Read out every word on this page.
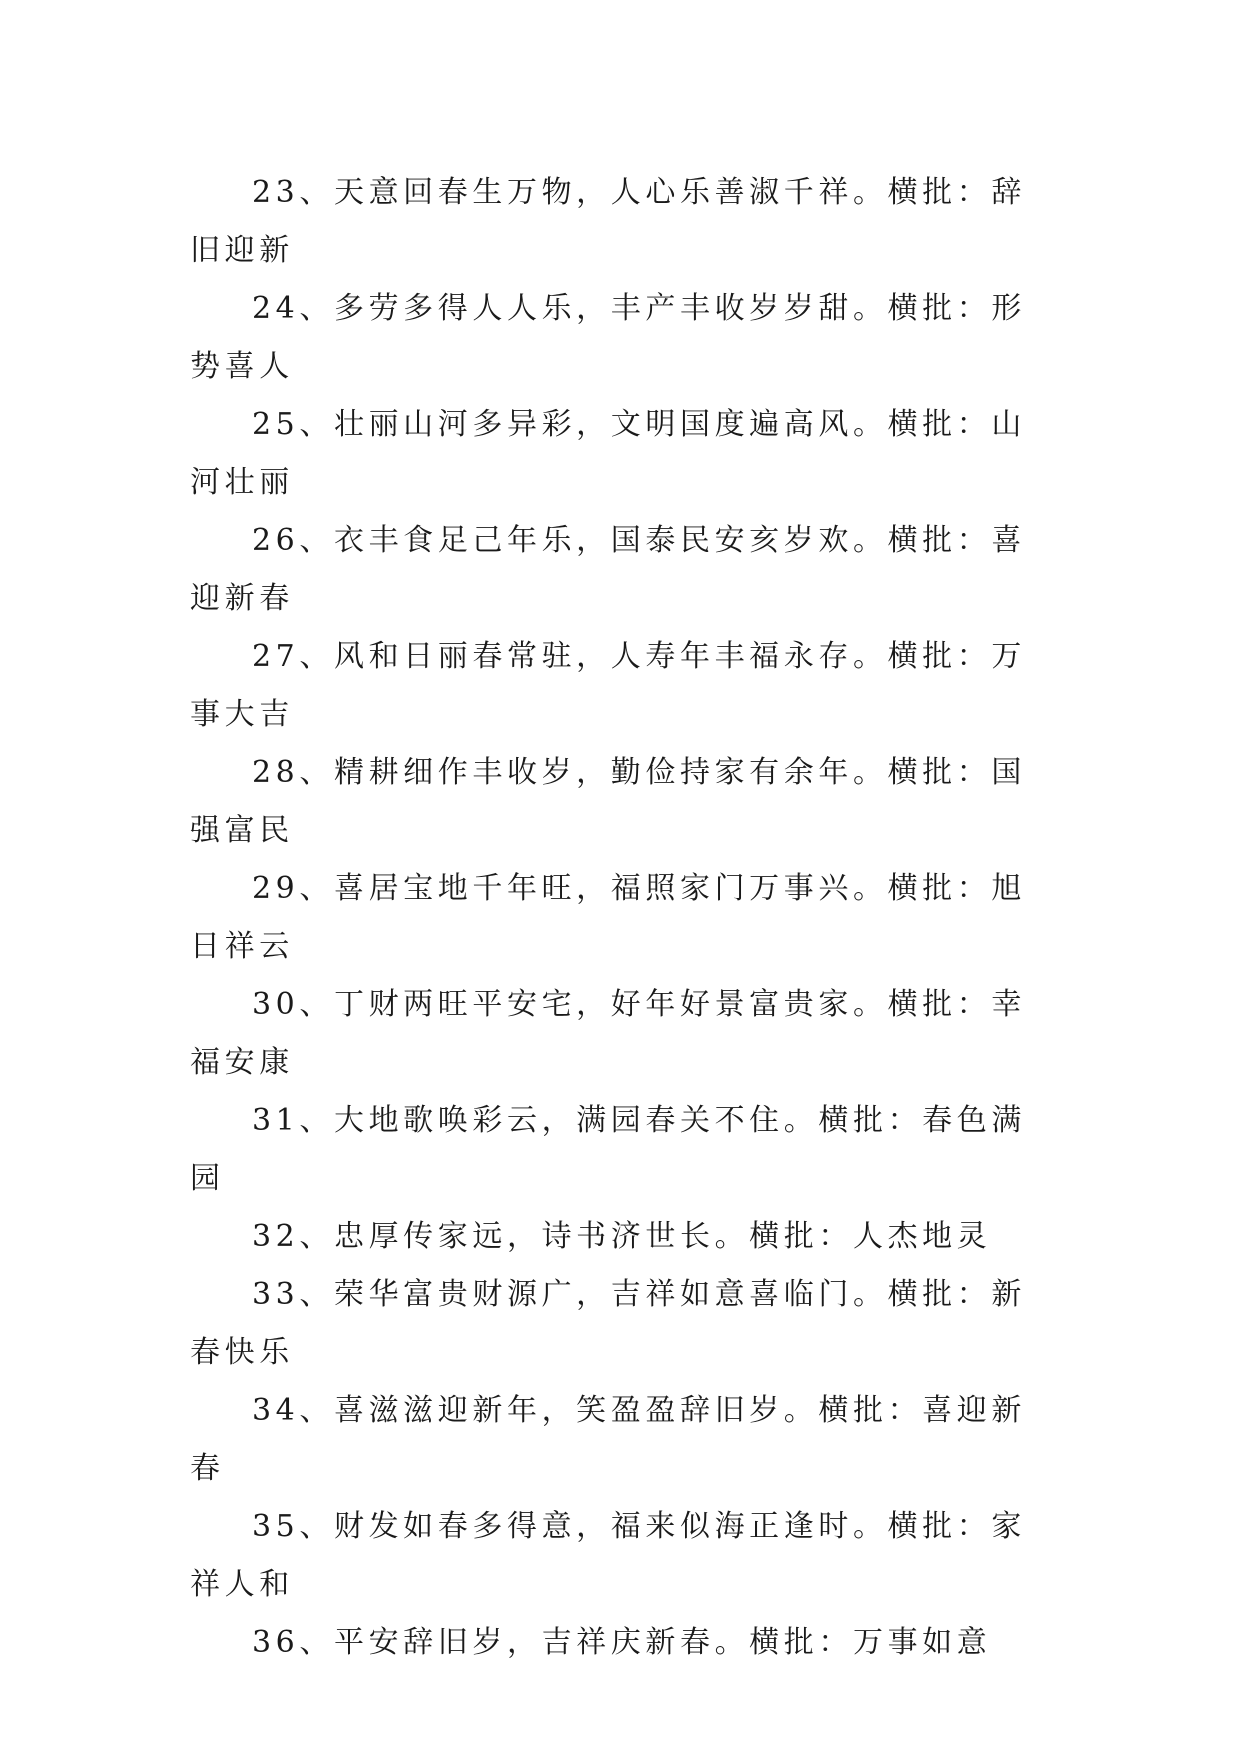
23、天意回春生万物，人心乐善淑千祥。横批：辞旧迎新

24、多劳多得人人乐，丰产丰收岁岁甜。横批：形势喜人

25、壮丽山河多异彩，文明国度遍高风。横批：山河壮丽

26、衣丰食足己年乐，国泰民安亥岁欢。横批：喜迎新春

27、风和日丽春常驻，人寿年丰福永存。横批：万事大吉

28、精耕细作丰收岁，勤俭持家有余年。横批：国强富民

29、喜居宝地千年旺，福照家门万事兴。横批：旭日祥云

30、丁财两旺平安宅，好年好景富贵家。横批：幸福安康

31、大地歌唤彩云，满园春关不住。横批：春色满园

32、忠厚传家远，诗书济世长。横批：人杰地灵

33、荣华富贵财源广，吉祥如意喜临门。横批：新春快乐

34、喜滋滋迎新年，笑盈盈辞旧岁。横批：喜迎新春

35、财发如春多得意，福来似海正逢时。横批：家祥人和

36、平安辞旧岁，吉祥庆新春。横批：万事如意
